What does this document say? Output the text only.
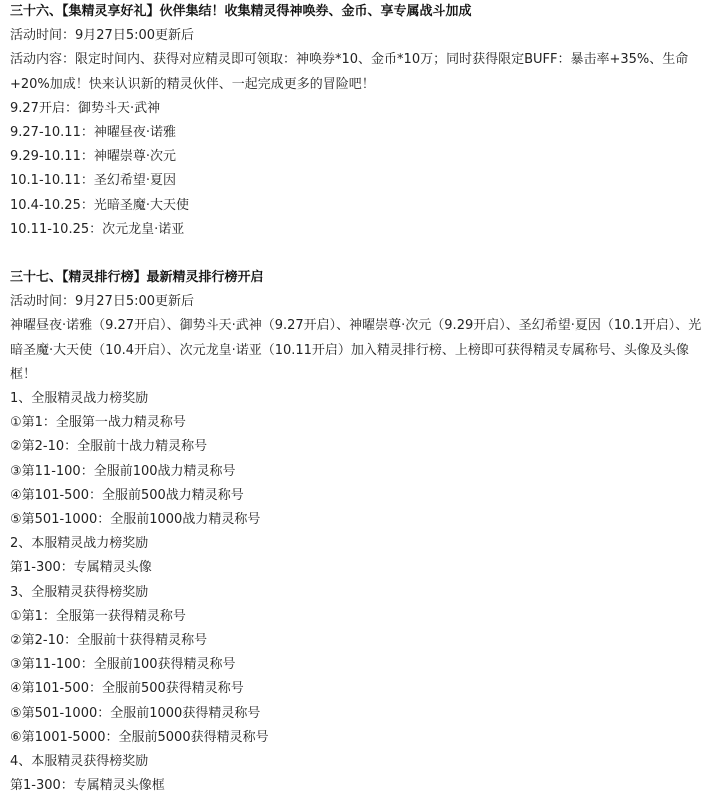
三十六、【集精灵享好礼】伙伴集结！收集精灵得神唤券、金币、享专属战斗加成
活动时间：9月27日5:00更新后
活动内容：限定时间内、获得对应精灵即可领取：神唤券*10、金币*10万；同时获得限定BUFF：暴击率+35%、生命+20%加成！快来认识新的精灵伙伴、一起完成更多的冒险吧！
9.27开启：御势斗天·武神
9.27-10.11：神曜昼夜·诺雅
9.29-10.11：神曜崇尊·次元
10.1-10.11：圣幻希望·夏因
10.4-10.25：光暗圣魔·大天使
10.11-10.25：次元龙皇·诺亚
三十七、【精灵排行榜】最新精灵排行榜开启
活动时间：9月27日5:00更新后
神曜昼夜·诺雅（9.27开启）、御势斗天·武神（9.27开启）、神曜崇尊·次元（9.29开启）、圣幻希望·夏因（10.1开启）、光暗圣魔·大天使（10.4开启）、次元龙皇·诺亚（10.11开启）加入精灵排行榜、上榜即可获得精灵专属称号、头像及头像框！
1、全服精灵战力榜奖励
①第1：全服第一战力精灵称号
②第2-10：全服前十战力精灵称号
③第11-100：全服前100战力精灵称号
④第101-500：全服前500战力精灵称号
⑤第501-1000：全服前1000战力精灵称号
2、本服精灵战力榜奖励
第1-300：专属精灵头像
3、全服精灵获得榜奖励
①第1：全服第一获得精灵称号
②第2-10：全服前十获得精灵称号
③第11-100：全服前100获得精灵称号
④第101-500：全服前500获得精灵称号
⑤第501-1000：全服前1000获得精灵称号
⑥第1001-5000：全服前5000获得精灵称号
4、本服精灵获得榜奖励
第1-300：专属精灵头像框
